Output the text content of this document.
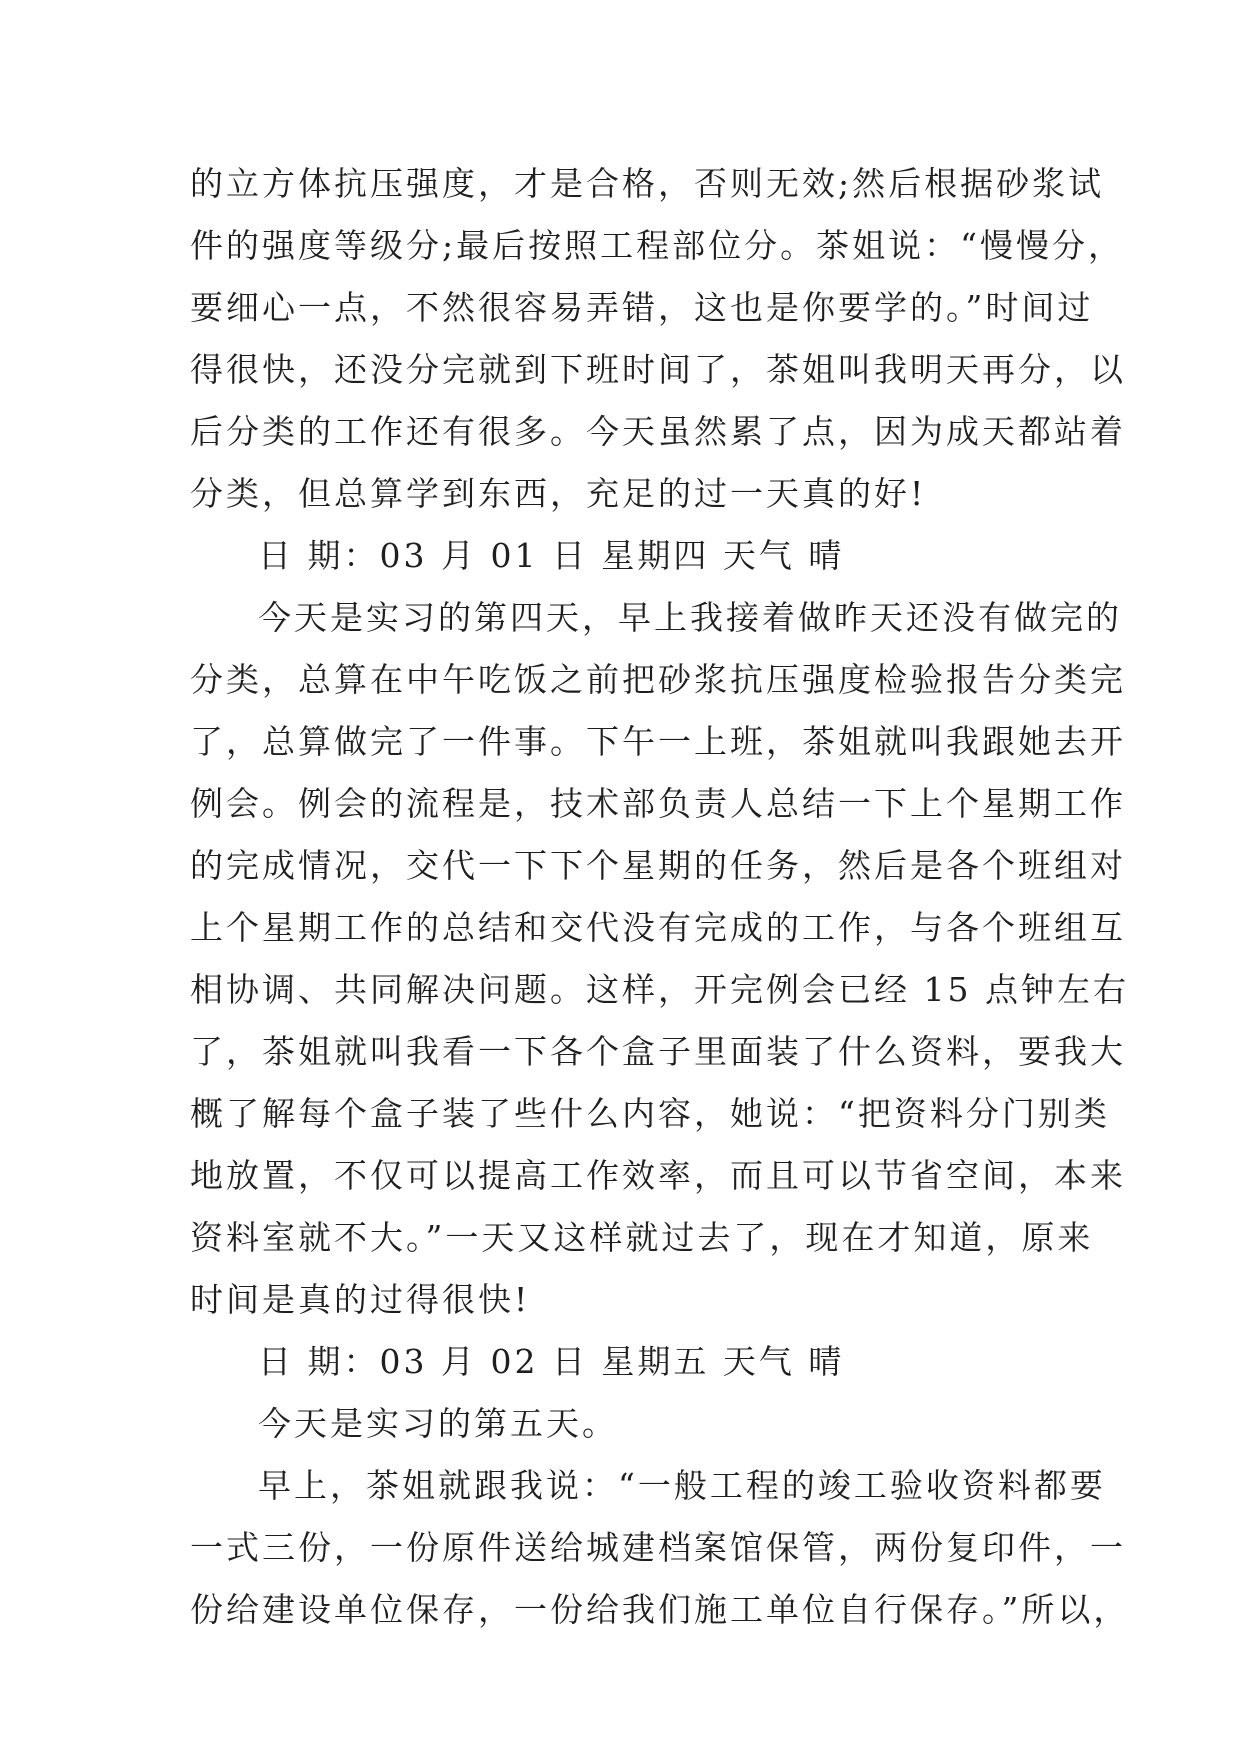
的立方体抗压强度，才是合格，否则无效;然后根据砂浆试
件的强度等级分;最后按照工程部位分。茶姐说：“慢慢分，
要细心一点，不然很容易弄错，这也是你要学的。”时间过
得很快，还没分完就到下班时间了，茶姐叫我明天再分，以
后分类的工作还有很多。今天虽然累了点，因为成天都站着
分类，但总算学到东西，充足的过一天真的好!
日 期：03 月 01 日 星期四 天气 晴
今天是实习的第四天，早上我接着做昨天还没有做完的
分类，总算在中午吃饭之前把砂浆抗压强度检验报告分类完
了，总算做完了一件事。下午一上班，茶姐就叫我跟她去开
例会。例会的流程是，技术部负责人总结一下上个星期工作
的完成情况，交代一下下个星期的任务，然后是各个班组对
上个星期工作的总结和交代没有完成的工作，与各个班组互
相协调、共同解决问题。这样，开完例会已经 15 点钟左右
了，茶姐就叫我看一下各个盒子里面装了什么资料，要我大
概了解每个盒子装了些什么内容，她说：“把资料分门别类
地放置，不仅可以提高工作效率，而且可以节省空间，本来
资料室就不大。”一天又这样就过去了，现在才知道，原来
时间是真的过得很快!
日 期：03 月 02 日 星期五 天气 晴
今天是实习的第五天。
早上，茶姐就跟我说：“一般工程的竣工验收资料都要
一式三份，一份原件送给城建档案馆保管，两份复印件，一
份给建设单位保存，一份给我们施工单位自行保存。”所以，
